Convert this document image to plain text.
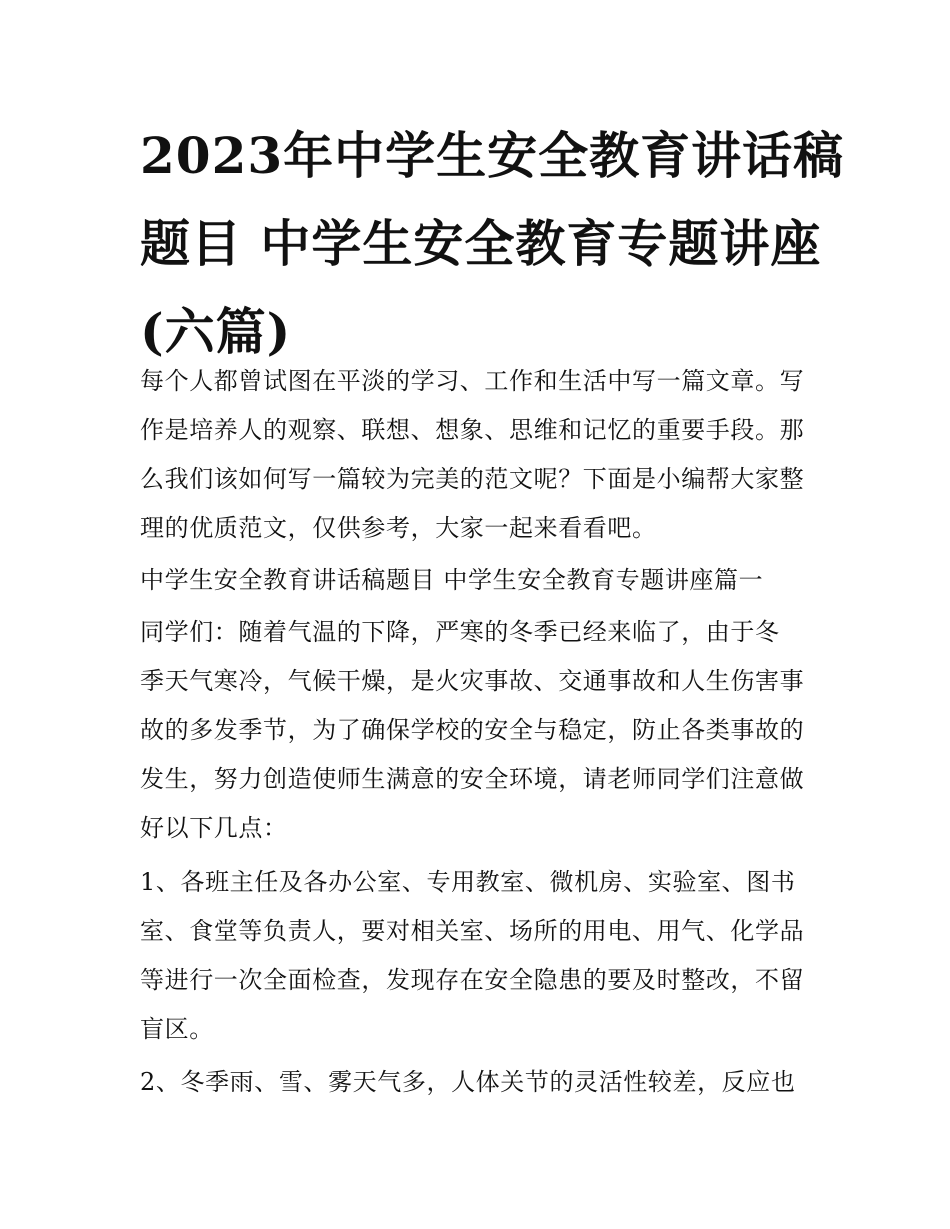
2023年中学生安全教育讲话稿
题目 中学生安全教育专题讲座
(六篇)
每个人都曾试图在平淡的学习、工作和生活中写一篇文章。写
作是培养人的观察、联想、想象、思维和记忆的重要手段。那
么我们该如何写一篇较为完美的范文呢？下面是小编帮大家整
理的优质范文，仅供参考，大家一起来看看吧。
中学生安全教育讲话稿题目 中学生安全教育专题讲座篇一
同学们：随着气温的下降，严寒的冬季已经来临了，由于冬
季天气寒冷，气候干燥，是火灾事故、交通事故和人生伤害事
故的多发季节，为了确保学校的安全与稳定，防止各类事故的
发生，努力创造使师生满意的安全环境，请老师同学们注意做
好以下几点：
1、各班主任及各办公室、专用教室、微机房、实验室、图书
室、食堂等负责人，要对相关室、场所的用电、用气、化学品
等进行一次全面检查，发现存在安全隐患的要及时整改，不留
盲区。
2、冬季雨、雪、雾天气多，人体关节的灵活性较差，反应也
